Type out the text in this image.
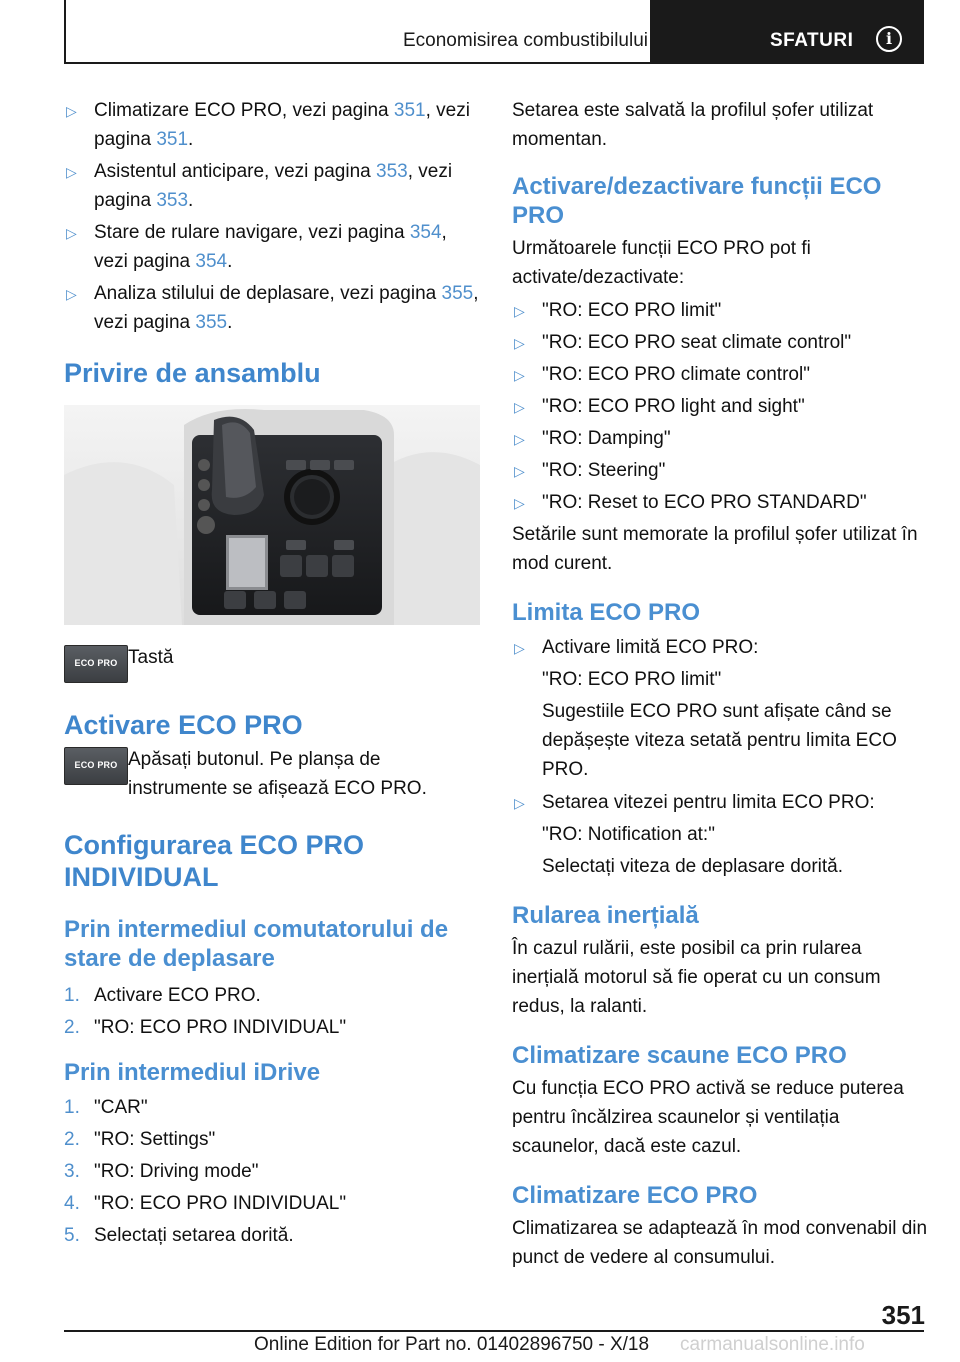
Economisirea combustibilului	SFATURI	i
▷ Climatizare ECO PRO, vezi pagina 351, vezi pagina 351.
▷ Asistentul anticipare, vezi pagina 353, vezi pagina 353.
▷ Stare de rulare navigare, vezi pagina 354, vezi pagina 354.
▷ Analiza stilului de deplasare, vezi pagina 355, vezi pagina 355.
Privire de ansamblu
ECO PRO Tastă

Activare ECO PRO
ECO PRO Apăsați butonul. Pe planșa de instrumente se afișează ECO PRO.

Configurarea ECO PRO INDIVIDUAL
Prin intermediul comutatorului de stare de deplasare
1. Activare ECO PRO.
2. "RO: ECO PRO INDIVIDUAL"
Prin intermediul iDrive
1. "CAR"
2. "RO: Settings"
3. "RO: Driving mode"
4. "RO: ECO PRO INDIVIDUAL"
5. Selectați setarea dorită.

Setarea este salvată la profilul șofer utilizat momentan.

Activare/dezactivare funcții ECO PRO

Următoarele funcții ECO PRO pot fi activate/dezactivate:

▷ "RO: ECO PRO limit"
▷ "RO: ECO PRO seat climate control"
▷ "RO: ECO PRO climate control"
▷ "RO: ECO PRO light and sight"
▷ "RO: Damping"
▷ "RO: Steering"
▷ "RO: Reset to ECO PRO STANDARD"

Setările sunt memorate la profilul șofer utilizat în mod curent.

Limita ECO PRO
▷ Activare limită ECO PRO:
"RO: ECO PRO limit"
Sugestiile ECO PRO sunt afișate când se depășește viteza setată pentru limita ECO PRO.
▷ Setarea vitezei pentru limita ECO PRO:
"RO: Notification at:"
Selectați viteza de deplasare dorită.
Rularea inerțială

În cazul rulării, este posibil ca prin rularea inerțială motorul să fie operat cu un consum redus, la ralanti.

Climatizare scaune ECO PRO

Cu funcția ECO PRO activă se reduce puterea pentru încălzirea scaunelor și ventilația scaunelor, dacă este cazul.

Climatizare ECO PRO

Climatizarea se adaptează în mod convenabil din punct de vedere al consumului.

351
Online Edition for Part no. 01402896750 - X/18 carmanualsonline.info
